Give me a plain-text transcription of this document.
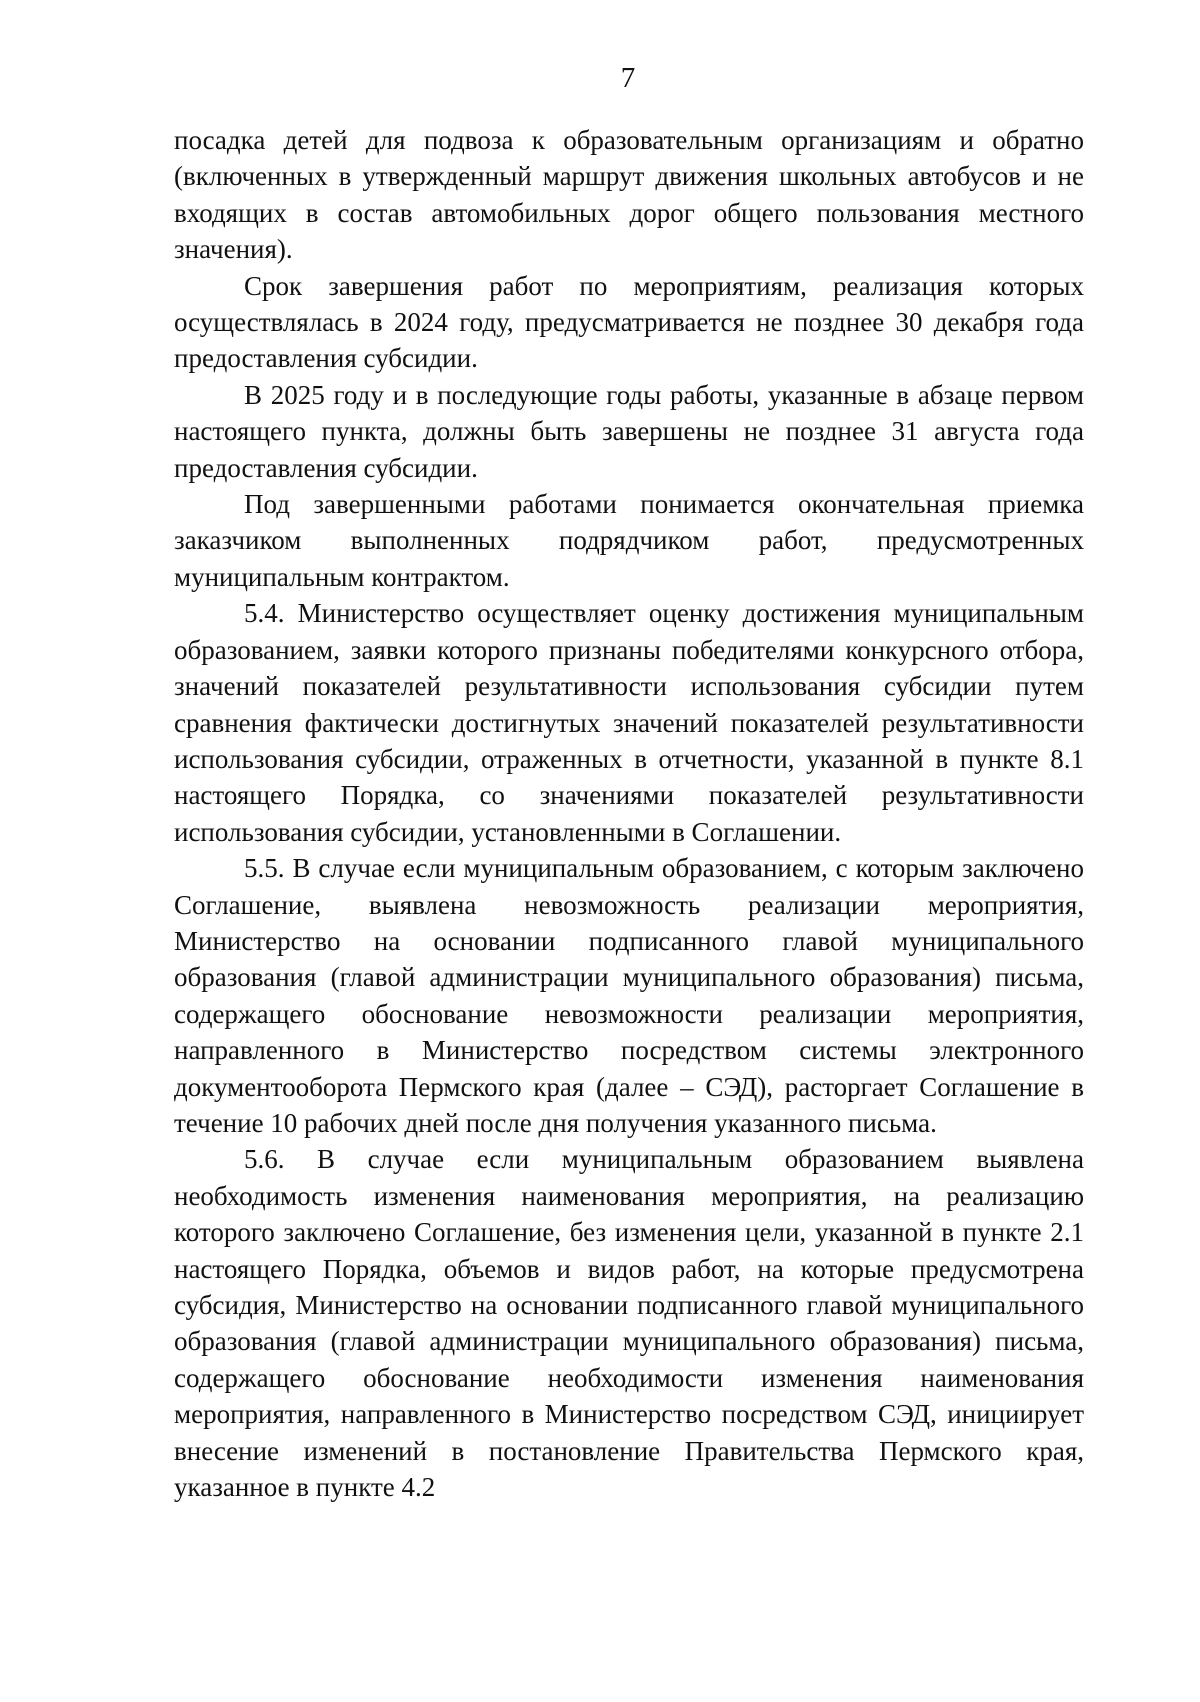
7

посадка детей для подвоза к образовательным организациям и обратно (включенных в утвержденный маршрут движения школьных автобусов и не входящих в состав автомобильных дорог общего пользования местного значения).

Срок завершения работ по мероприятиям, реализация которых осуществлялась в 2024 году, предусматривается не позднее 30 декабря года предоставления субсидии.

В 2025 году и в последующие годы работы, указанные в абзаце первом настоящего пункта, должны быть завершены не позднее 31 августа года предоставления субсидии.

Под завершенными работами понимается окончательная приемка заказчиком выполненных подрядчиком работ, предусмотренных муниципальным контрактом.

5.4. Министерство осуществляет оценку достижения муниципальным образованием, заявки которого признаны победителями конкурсного отбора, значений показателей результативности использования субсидии путем сравнения фактически достигнутых значений показателей результативности использования субсидии, отраженных в отчетности, указанной в пункте 8.1 настоящего Порядка, со значениями показателей результативности использования субсидии, установленными в Соглашении.

5.5. В случае если муниципальным образованием, с которым заключено Соглашение, выявлена невозможность реализации мероприятия, Министерство на основании подписанного главой муниципального образования (главой администрации муниципального образования) письма, содержащего обоснование невозможности реализации мероприятия, направленного в Министерство посредством системы электронного документооборота Пермского края (далее – СЭД), расторгает Соглашение в течение 10 рабочих дней после дня получения указанного письма.

5.6. В случае если муниципальным образованием выявлена необходимость изменения наименования мероприятия, на реализацию которого заключено Соглашение, без изменения цели, указанной в пункте 2.1 настоящего Порядка, объемов и видов работ, на которые предусмотрена субсидия, Министерство на основании подписанного главой муниципального образования (главой администрации муниципального образования) письма, содержащего обоснование необходимости изменения наименования мероприятия, направленного в Министерство посредством СЭД, инициирует внесение изменений в постановление Правительства Пермского края, указанное в пункте 4.2
